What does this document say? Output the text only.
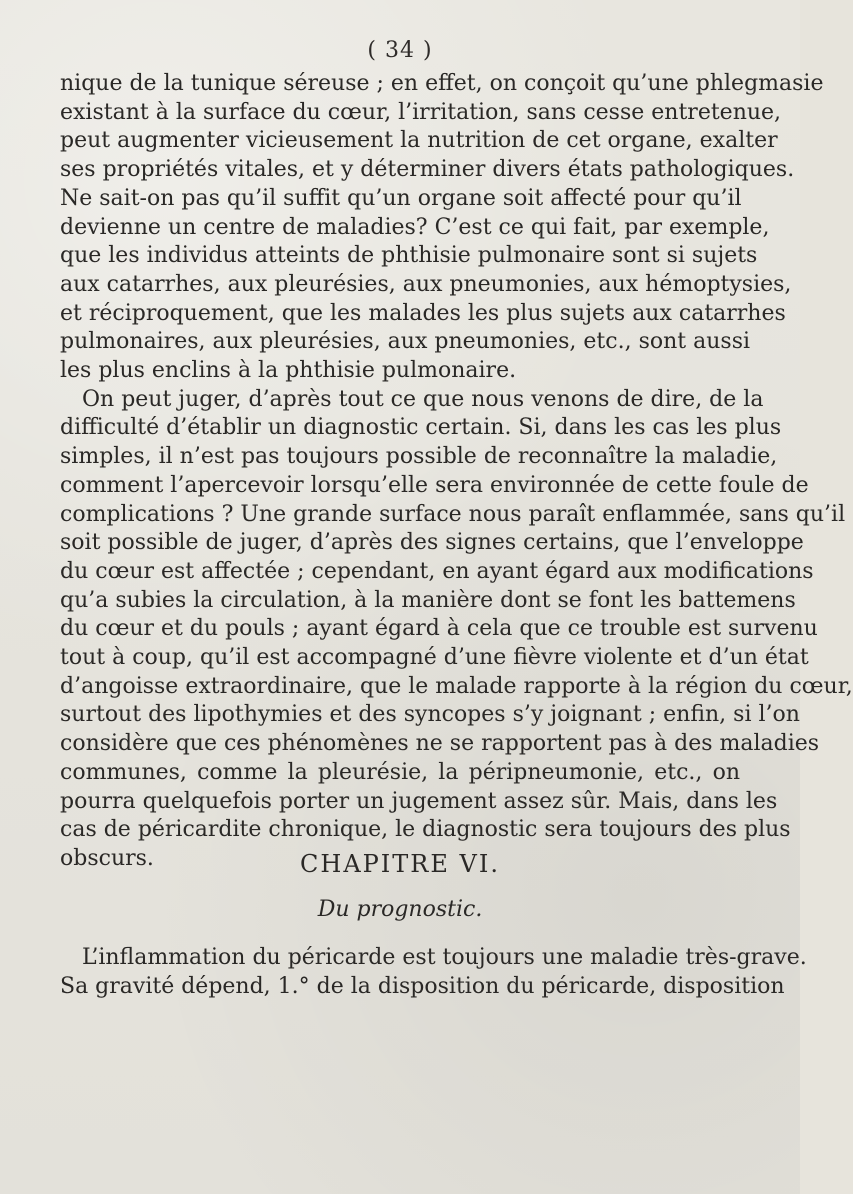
( 34 )
nique de la tunique séreuse ; en effet, on conçoit qu’une phlegmasie
existant à la surface du cœur, l’irritation, sans cesse entretenue,
peut augmenter vicieusement la nutrition de cet organe, exalter
ses propriétés vitales, et y déterminer divers états pathologiques.
Ne sait-on pas qu’il suffit qu’un organe soit affecté pour qu’il
devienne un centre de maladies? C’est ce qui fait, par exemple,
que les individus atteints de phthisie pulmonaire sont si sujets
aux catarrhes, aux pleurésies, aux pneumonies, aux hémoptysies,
et réciproquement, que les malades les plus sujets aux catarrhes
pulmonaires, aux pleurésies, aux pneumonies, etc., sont aussi
les plus enclins à la phthisie pulmonaire.
On peut juger, d’après tout ce que nous venons de dire, de la
difficulté d’établir un diagnostic certain. Si, dans les cas les plus
simples, il n’est pas toujours possible de reconnaître la maladie,
comment l’apercevoir lorsqu’elle sera environnée de cette foule de
complications ? Une grande surface nous paraît enflammée, sans qu’il
soit possible de juger, d’après des signes certains, que l’enveloppe
du cœur est affectée ; cependant, en ayant égard aux modifications
qu’a subies la circulation, à la manière dont se font les battemens
du cœur et du pouls ; ayant égard à cela que ce trouble est survenu
tout à coup, qu’il est accompagné d’une fièvre violente et d’un état
d’angoisse extraordinaire, que le malade rapporte à la région du cœur,
surtout des lipothymies et des syncopes s’y joignant ; enfin, si l’on
considère que ces phénomènes ne se rapportent pas à des maladies
communes, comme la pleurésie, la péripneumonie, etc., on
pourra quelquefois porter un jugement assez sûr. Mais, dans les
cas de péricardite chronique, le diagnostic sera toujours des plus
obscurs.	CHAPITRE VI.
Du prognostic.
L’inflammation du péricarde est toujours une maladie très-grave.
Sa gravité dépend, 1.° de la disposition du péricarde, disposition
